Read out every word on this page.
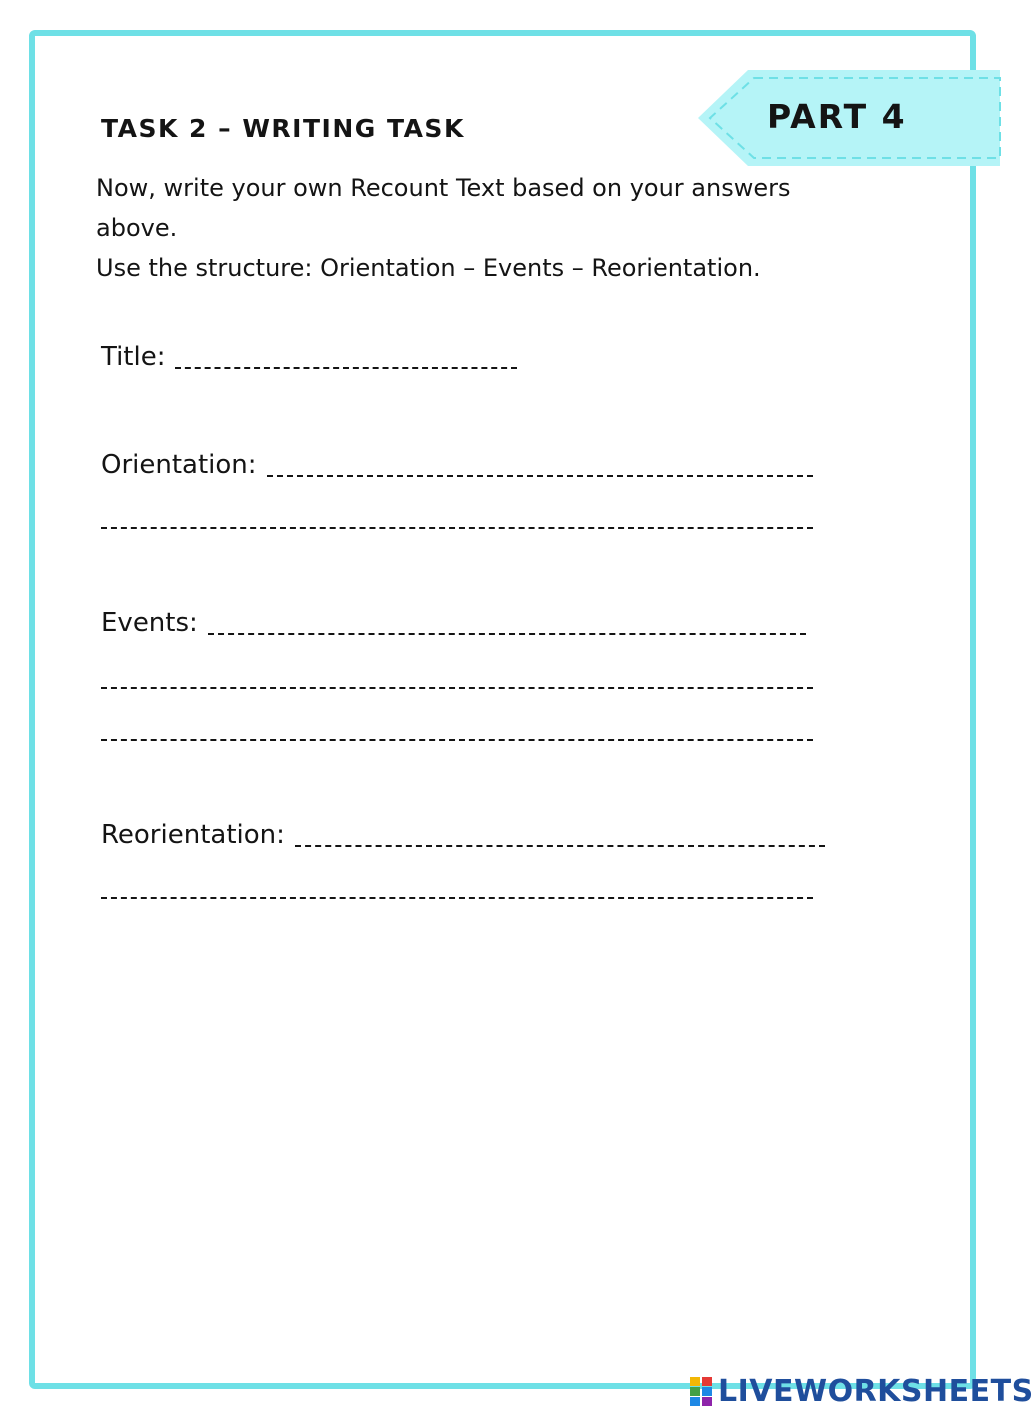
PART 4
TASK 2 – WRITING TASK

Now, write your own Recount Text based on your answers above.

Use the structure: Orientation – Events – Reorientation.

Title:
Orientation:
Events:
Reorientation:
LIVEWORKSHEETS
